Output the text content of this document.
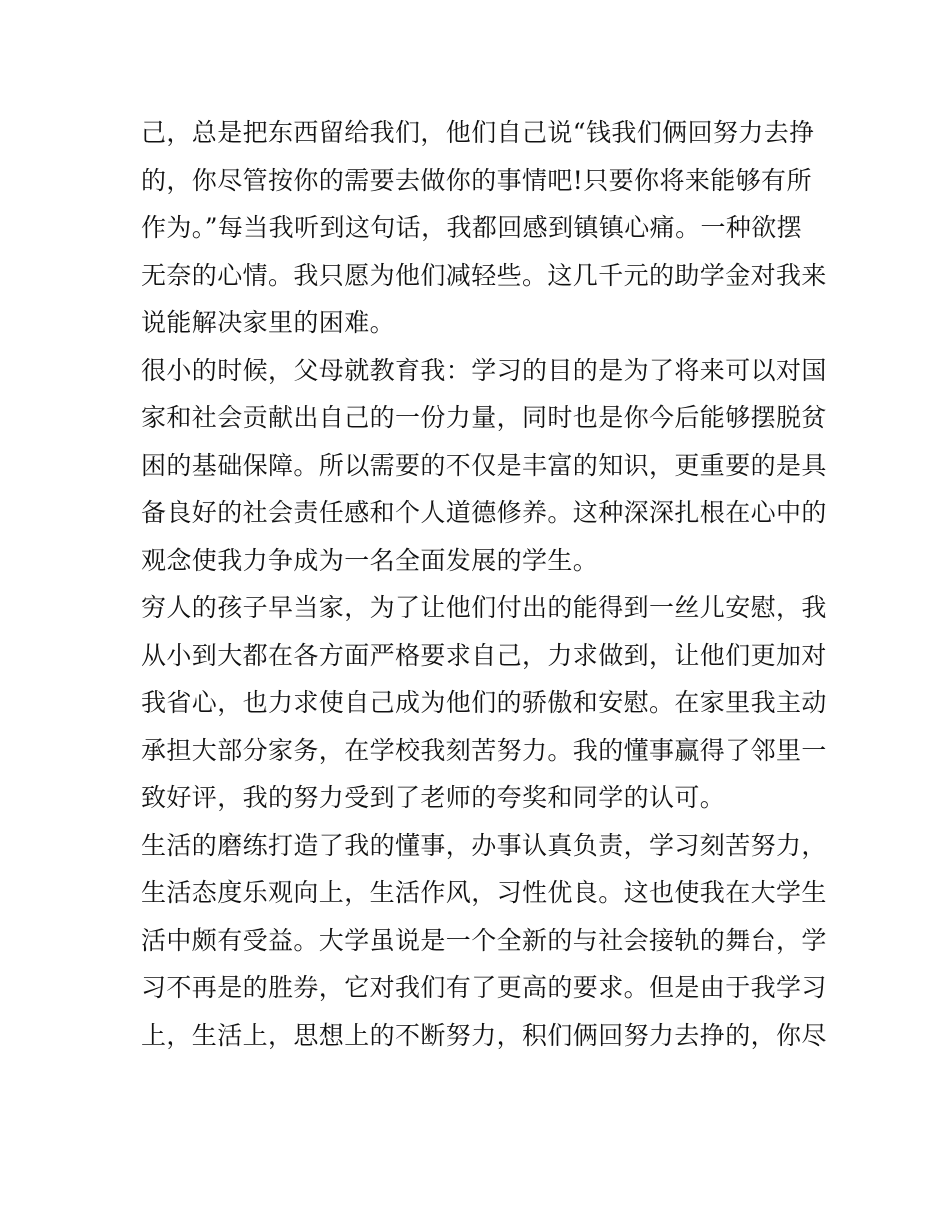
己，总是把东西留给我们，他们自己说“钱我们俩回努力去挣
的，你尽管按你的需要去做你的事情吧!只要你将来能够有所
作为。”每当我听到这句话，我都回感到镇镇心痛。一种欲摆
无奈的心情。我只愿为他们减轻些。这几千元的助学金对我来
说能解决家里的困难。
很小的时候，父母就教育我：学习的目的是为了将来可以对国
家和社会贡献出自己的一份力量，同时也是你今后能够摆脱贫
困的基础保障。所以需要的不仅是丰富的知识，更重要的是具
备良好的社会责任感和个人道德修养。这种深深扎根在心中的
观念使我力争成为一名全面发展的学生。
穷人的孩子早当家，为了让他们付出的能得到一丝儿安慰，我
从小到大都在各方面严格要求自己，力求做到，让他们更加对
我省心，也力求使自己成为他们的骄傲和安慰。在家里我主动
承担大部分家务，在学校我刻苦努力。我的懂事赢得了邻里一
致好评，我的努力受到了老师的夸奖和同学的认可。
生活的磨练打造了我的懂事，办事认真负责，学习刻苦努力，
生活态度乐观向上，生活作风，习性优良。这也使我在大学生
活中颇有受益。大学虽说是一个全新的与社会接轨的舞台，学
习不再是的胜券，它对我们有了更高的要求。但是由于我学习
上，生活上，思想上的不断努力，积们俩回努力去挣的，你尽
